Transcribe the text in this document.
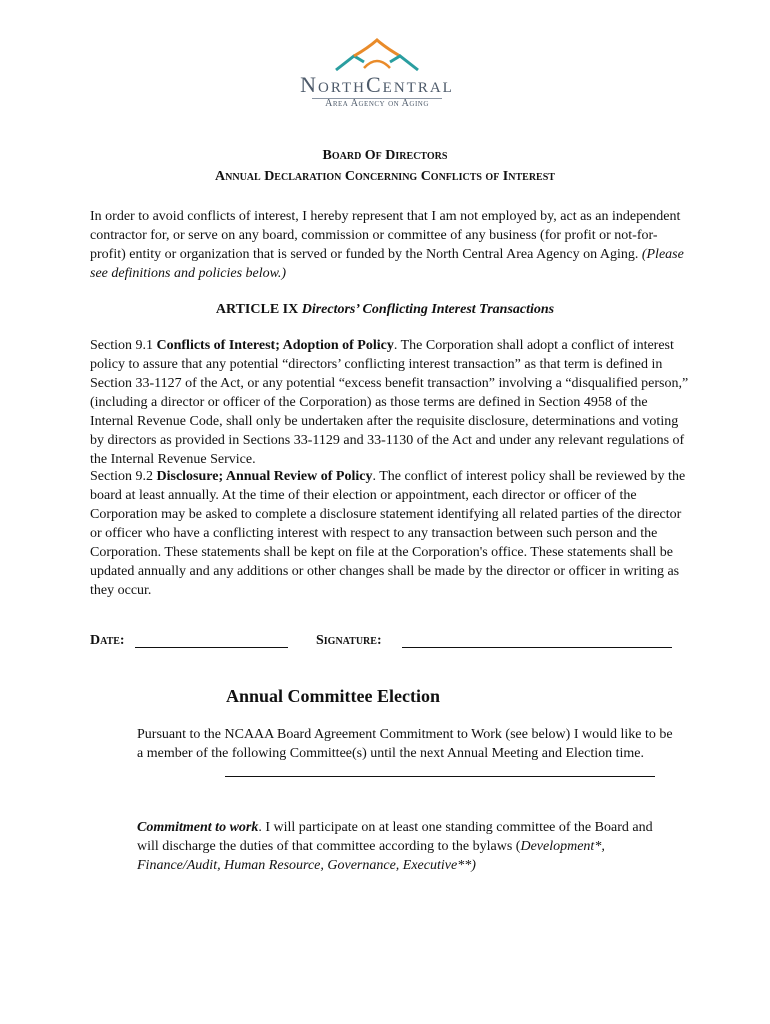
NorthCentral
Area Agency on Aging
Board Of Directors
Annual Declaration Concerning Conflicts of Interest

In order to avoid conflicts of interest, I hereby represent that I am not employed by, act as an independent contractor for, or serve on any board, commission or committee of any business (for profit or not-for-profit) entity or organization that is served or funded by the North Central Area Agency on Aging. (Please see definitions and policies below.)

ARTICLE IX Directors’ Conflicting Interest Transactions

Section 9.1 Conflicts of Interest; Adoption of Policy. The Corporation shall adopt a conflict of interest policy to assure that any potential “directors’ conflicting interest transaction” as that term is defined in Section 33-1127 of the Act, or any potential “excess benefit transaction” involving a “disqualified person,” (including a director or officer of the Corporation) as those terms are defined in Section 4958 of the Internal Revenue Code, shall only be undertaken after the requisite disclosure, determinations and voting by directors as provided in Sections 33-1129 and 33-1130 of the Act and under any relevant regulations of the Internal Revenue Service.

Section 9.2 Disclosure; Annual Review of Policy. The conflict of interest policy shall be reviewed by the board at least annually. At the time of their election or appointment, each director or officer of the Corporation may be asked to complete a disclosure statement identifying all related parties of the director or officer who have a conflicting interest with respect to any transaction between such person and the Corporation. These statements shall be kept on file at the Corporation's office. These statements shall be updated annually and any additions or other changes shall be made by the director or officer in writing as they occur.

Date:	Signature:
Annual Committee Election

Pursuant to the NCAAA Board Agreement Commitment to Work (see below) I would like to be a member of the following Committee(s) until the next Annual Meeting and Election time.

Commitment to work. I will participate on at least one standing committee of the Board and will discharge the duties of that committee according to the bylaws (Development*, Finance/Audit, Human Resource, Governance, Executive**)
